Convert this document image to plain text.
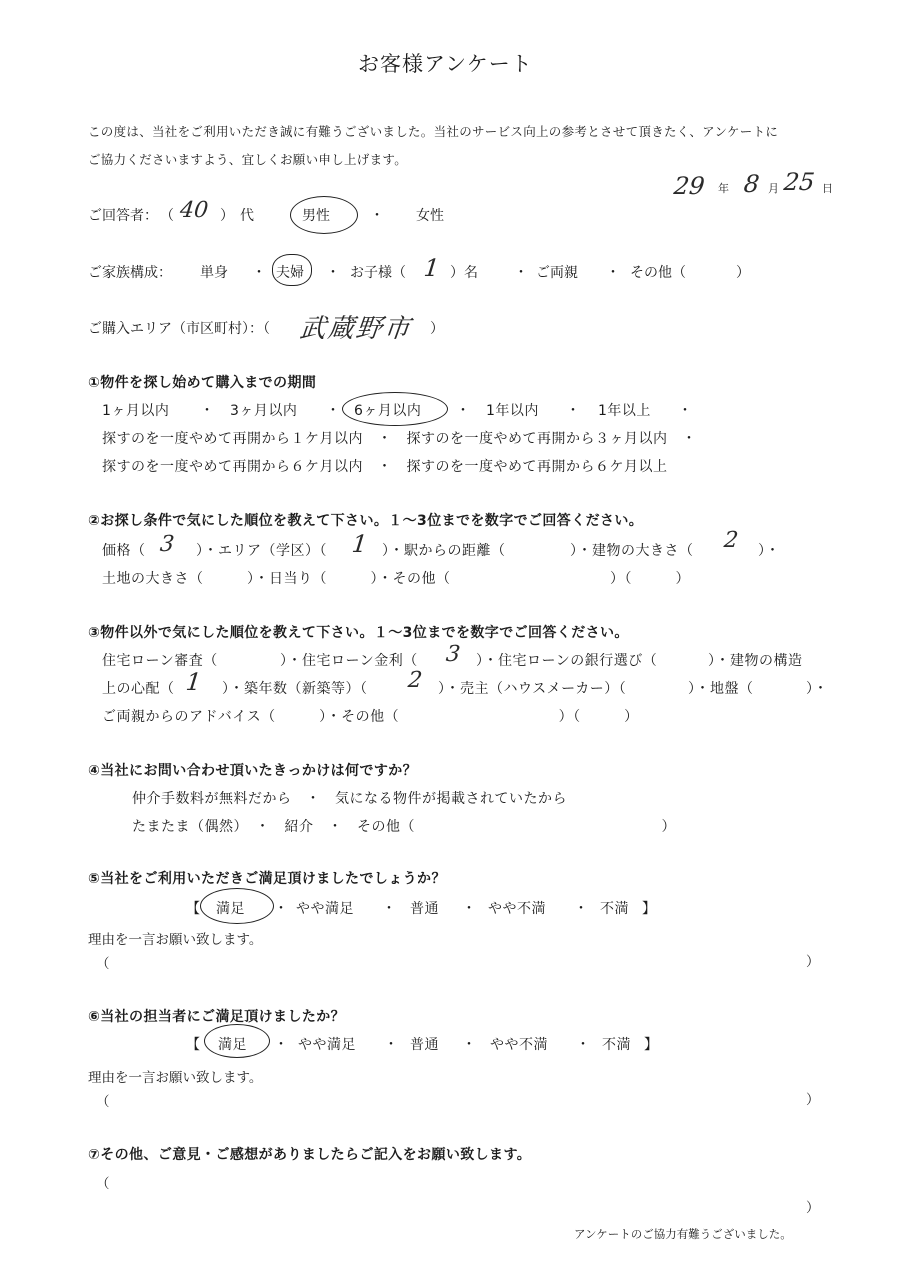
お客様アンケート
この度は、当社をご利用いただき誠に有難うございました。当社のサービス向上の参考とさせて頂きたく、アンケートに
ご協力くださいますよう、宜しくお願い申し上げます。
29 年 8 月 25 日
ご回答者： （ 40 ） 代	男性	・ 女性
ご家族構成： 単身 ・ 夫婦 ・ お子様（ 1 ）名	・ ご両親 ・ その他（	）
ご購入エリア（市区町村）：（ 武蔵野市 ）
①物件を探し始めて購入までの期間
1ヶ月以内 ・ 3ヶ月以内 ・ 6ヶ月以内 ・ 1年以内 ・ 1年以上 ・
探すのを一度やめて再開から１ケ月以内　・　探すのを一度やめて再開から３ヶ月以内　・
探すのを一度やめて再開から６ケ月以内　・　探すのを一度やめて再開から６ケ月以上
②お探し条件で気にした順位を教えて下さい。１～3位までを数字でご回答ください。
価格（ 3 ）・エリア（学区）（ 1 ）・駅からの距離（	）・建物の大きさ（ 2 ）・
土地の大きさ（　　　）・日当り（　　　）・その他（　　　　　　　　　　　）（　　　）
③物件以外で気にした順位を教えて下さい。１～3位までを数字でご回答ください。
住宅ローン審査（	）・住宅ローン金利（ 3 ）・住宅ローンの銀行選び（	）・建物の構造
上の心配（ 1 ）・築年数（新築等）（ 2 ）・売主（ハウスメーカー）（	）・地盤（	）・
ご両親からのアドバイス（　　　）・その他（　　　　　　　　　　　）（　　　）
④当社にお問い合わせ頂いたきっかけは何ですか？
仲介手数料が無料だから　・　気になる物件が掲載されていたから
たまたま（偶然）　・　紹介　・　その他（　　　　　　　　　　　　　　　　　）
⑤当社をご利用いただきご満足頂けましたでしょうか？
【 満足 ・ やや満足 ・ 普通 ・ やや不満 ・ 不満 】
理由を一言お願い致します。
（	）
⑥当社の担当者にご満足頂けましたか？
【 満足 ・ やや満足 ・ 普通 ・ やや不満 ・ 不満 】
理由を一言お願い致します。
（	）
⑦その他、ご意見・ご感想がありましたらご記入をお願い致します。
（
）
アンケートのご協力有難うございました。
